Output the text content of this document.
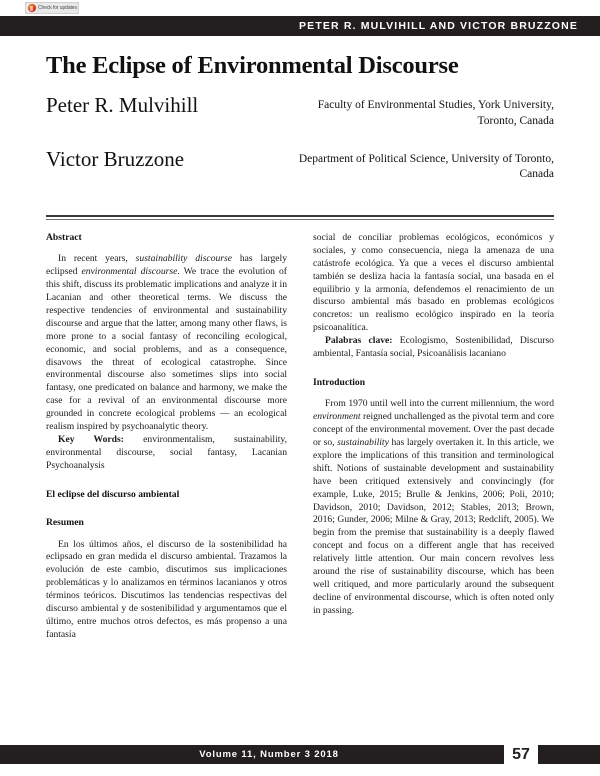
Check for updates
PETER R. MULVIHILL AND VICTOR BRUZZONE
The Eclipse of Environmental Discourse
Peter R. Mulvihill	Faculty of Environmental Studies, York University, Toronto, Canada
Victor Bruzzone	Department of Political Science, University of Toronto, Canada
Abstract

In recent years, sustainability discourse has largely eclipsed environmental discourse. We trace the evolution of this shift, discuss its problematic implications and analyze it in Lacanian and other theoretical terms. We discuss the respective tendencies of environmental and sustainability discourse and argue that the latter, among many other flaws, is more prone to a social fantasy of reconciling ecological, economic, and social problems, and as a consequence, disavows the threat of ecological catastrophe. Since environmental discourse also sometimes slips into social fantasy, one predicated on balance and harmony, we make the case for a revival of an environmental discourse more grounded in concrete ecological problems — an ecological realism inspired by psychoanalytic theory.

Key Words: environmentalism, sustainability, environmental discourse, social fantasy, Lacanian Psychoanalysis

El eclipse del discurso ambiental
Resumen

En los últimos años, el discurso de la sostenibilidad ha eclipsado en gran medida el discurso ambiental. Trazamos la evolución de este cambio, discutimos sus implicaciones problemáticas y lo analizamos en términos lacanianos y otros términos teóricos. Discutimos las tendencias respectivas del discurso ambiental y de sostenibilidad y argumentamos que el último, entre muchos otros defectos, es más propenso a una fantasía

social de conciliar problemas ecológicos, económicos y sociales, y como consecuencia, niega la amenaza de una catástrofe ecológica. Ya que a veces el discurso ambiental también se desliza hacia la fantasía social, una basada en el equilibrio y la armonía, defendemos el renacimiento de un discurso ambiental más basado en problemas ecológicos concretos: un realismo ecológico inspirado en la teoría psicoanalítica.

Palabras clave: Ecologismo, Sostenibilidad, Discurso ambiental, Fantasía social, Psicoanálisis lacaniano

Introduction

From 1970 until well into the current millennium, the word environment reigned unchallenged as the pivotal term and core concept of the environmental movement. Over the past decade or so, sustainability has largely overtaken it. In this article, we explore the implications of this transition and terminological shift. Notions of sustainable development and sustainability have been critiqued extensively and convincingly (for example, Luke, 2015; Brulle & Jenkins, 2006; Poli, 2010; Davidson, 2010; Davidson, 2012; Stables, 2013; Brown, 2016; Gunder, 2006; Milne & Gray, 2013; Redclift, 2005). We begin from the premise that sustainability is a deeply flawed concept and focus on a different angle that has received relatively little attention. Our main concern revolves less around the rise of sustainability discourse, which has been well critiqued, and more particularly around the subsequent decline of environmental discourse, which is often noted only in passing.

Volume 11, Number 3 2018	57
